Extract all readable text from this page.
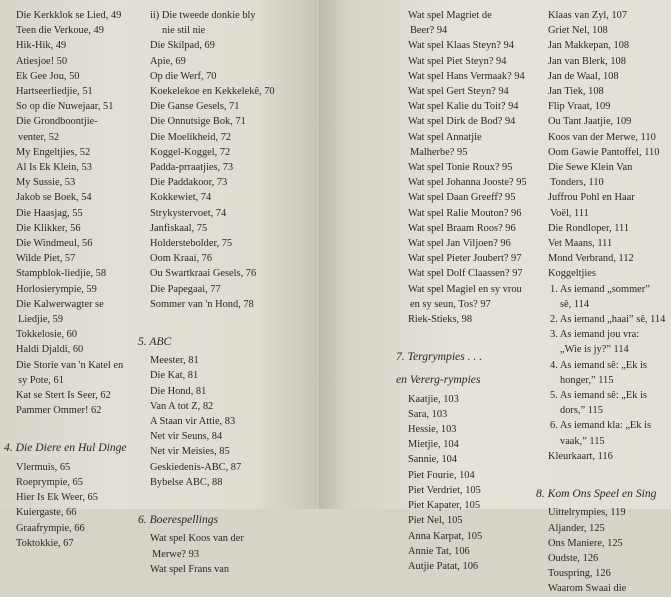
Die Kerkklok se Lied, 49
Teen die Verkoue, 49
Hik-Hik, 49
Atiesjoe! 50
Ek Gee Jou, 50
Hartseerliedjie, 51
So op die Nuwejaar, 51
Die Grondboontjie-
venter, 52
My Engeltjies, 52
Al Is Ek Klein, 53
My Sussie, 53
Jakob se Boek, 54
Die Haasjag, 55
Die Klikker, 56
Die Windmeul, 56
Wilde Piet, 57
Stampblok-liedjie, 58
Horlosierympie, 59
Die Kalwerwagter se
Liedjie, 59
Tokkelosie, 60
Haldi Djaldi, 60
Die Storie van 'n Katel en
sy Pote, 61
Kat se Stert Is Seer, 62
Pammer Ommer! 62
4. Die Diere en Hul Dinge
Vlermuis, 65
Roeprympie, 65
Hier Is Ek Weer, 65
Kuiergaste, 66
Graafrympie, 66
Toktokkie, 67
ii) Die tweede donkie bly
nie stil nie
Die Skilpad, 69
Apie, 69
Op die Werf, 70
Koekelekoe en Kekkelekê, 70
Die Ganse Gesels, 71
Die Onnutsige Bok, 71
Die Moelikheid, 72
Koggel-Koggel, 72
Padda-prraatjies, 73
Die Paddakoor, 73
Kokkewiet, 74
Strykystervoet, 74
Janfiskaal, 75
Holderstebolder, 75
Oom Kraai, 76
Ou Swartkraai Gesels, 76
Die Papegaai, 77
Sommer van 'n Hond, 78
5. ABC
Meester, 81
Die Kat, 81
Die Hond, 81
Van A tot Z, 82
A Staan vir Attie, 83
Net vir Seuns, 84
Net vir Meisies, 85
Geskiedenis-ABC, 87
Bybelse ABC, 88
6. Boerespellings
Wat spel Koos van der
Merwe? 93
Wat spel Frans van
Wat spel Magriet de
Beer? 94
Wat spel Klaas Steyn? 94
Wat spel Piet Steyn? 94
Wat spel Hans Vermaak? 94
Wat spel Gert Steyn? 94
Wat spel Kalie du Toit? 94
Wat spel Dirk de Bod? 94
Wat spel Annatjie
Malherbe? 95
Wat spel Tonie Roux? 95
Wat spel Johanna Jooste? 95
Wat spel Daan Greeff? 95
Wat spel Ralie Mouton? 96
Wat spel Braam Roos? 96
Wat spel Jan Viljoen? 96
Wat spel Pieter Joubert? 97
Wat spel Dolf Claassen? 97
Wat spel Magiel en sy vrou
en sy seun, Tos? 97
Riek-Stieks, 98
7. Tergrympies . . .
en Vererg-rympies
Kaatjie, 103
Sara, 103
Hessie, 103
Mietjie, 104
Sannie, 104
Piet Fourie, 104
Piet Verdriet, 105
Piet Kapater, 105
Piet Nel, 105
Anna Karpat, 105
Annie Tat, 106
Autjie Patat, 106
Klaas van Zyl, 107
Griet Nel, 108
Jan Makkepan, 108
Jan van Blerk, 108
Jan de Waal, 108
Jan Tiek, 108
Flip Vraat, 109
Ou Tant Jaatjie, 109
Koos van der Merwe, 110
Oom Gawie Pantoffel, 110
Die Sewe Klein Van
Tonders, 110
Juffrou Pohl en Haar
Voël, 111
Die Rondloper, 111
Vet Maans, 111
Mond Verbrand, 112
Koggeltjies
1. As iemand „sommer”
sê, 114
2. As iemand „haai” sê, 114
3. As iemand jou vra:
„Wie is jy?” 114
4. As iemand sê: „Ek is
honger,” 115
5. As iemand sê: „Ek is
dors,” 115
6. As iemand kla: „Ek is
vaak,” 115
Kleurkaart, 116
8. Kom Ons Speel en Sing
Uittelrympies, 119
Aljander, 125
Ons Maniere, 125
Oudste, 126
Touspring, 126
Waarom Swaai die
